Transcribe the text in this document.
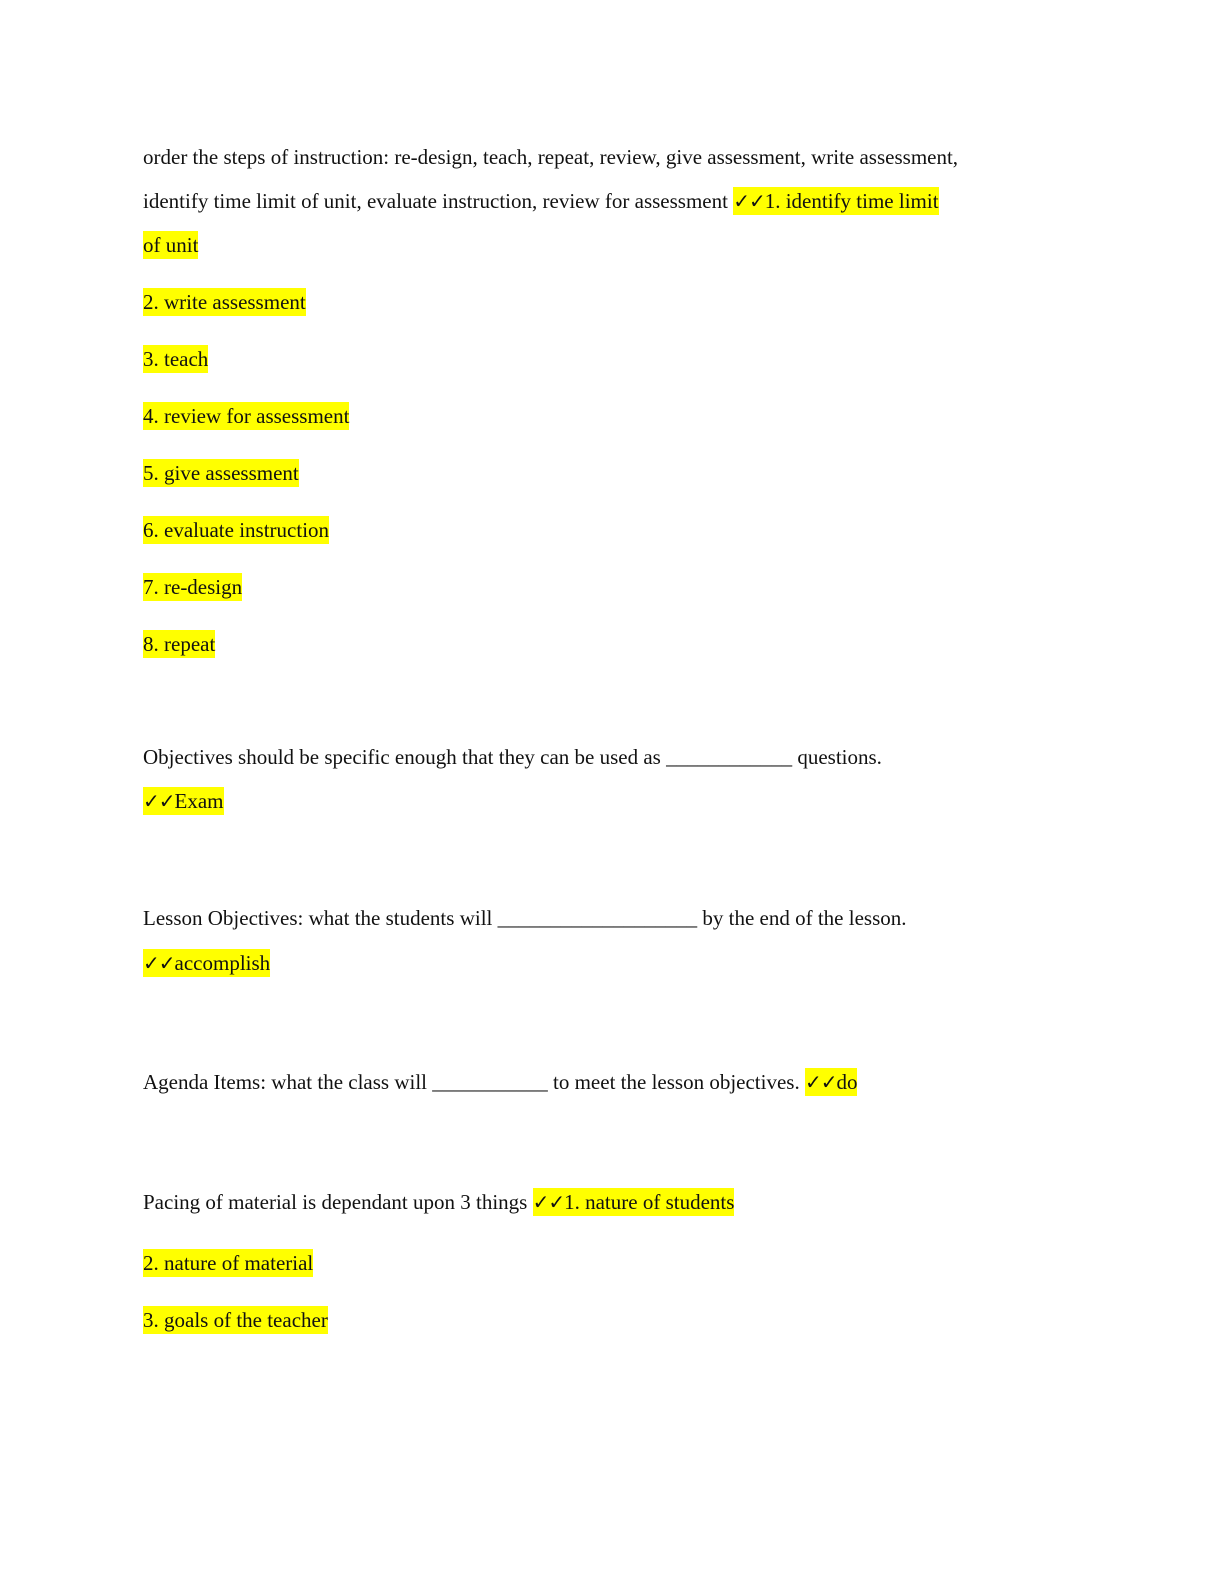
order the steps of instruction: re-design, teach, repeat, review, give assessment, write assessment,
identify time limit of unit, evaluate instruction, review for assessment ✓✓1. identify time limit
of unit
2. write assessment
3. teach
4. review for assessment
5. give assessment
6. evaluate instruction
7. re-design
8. repeat
Objectives should be specific enough that they can be used as ____________ questions.
✓✓Exam
Lesson Objectives: what the students will ___________________ by the end of the lesson.
✓✓accomplish
Agenda Items: what the class will ___________ to meet the lesson objectives. ✓✓do
Pacing of material is dependant upon 3 things ✓✓1. nature of students
2. nature of material
3. goals of the teacher
